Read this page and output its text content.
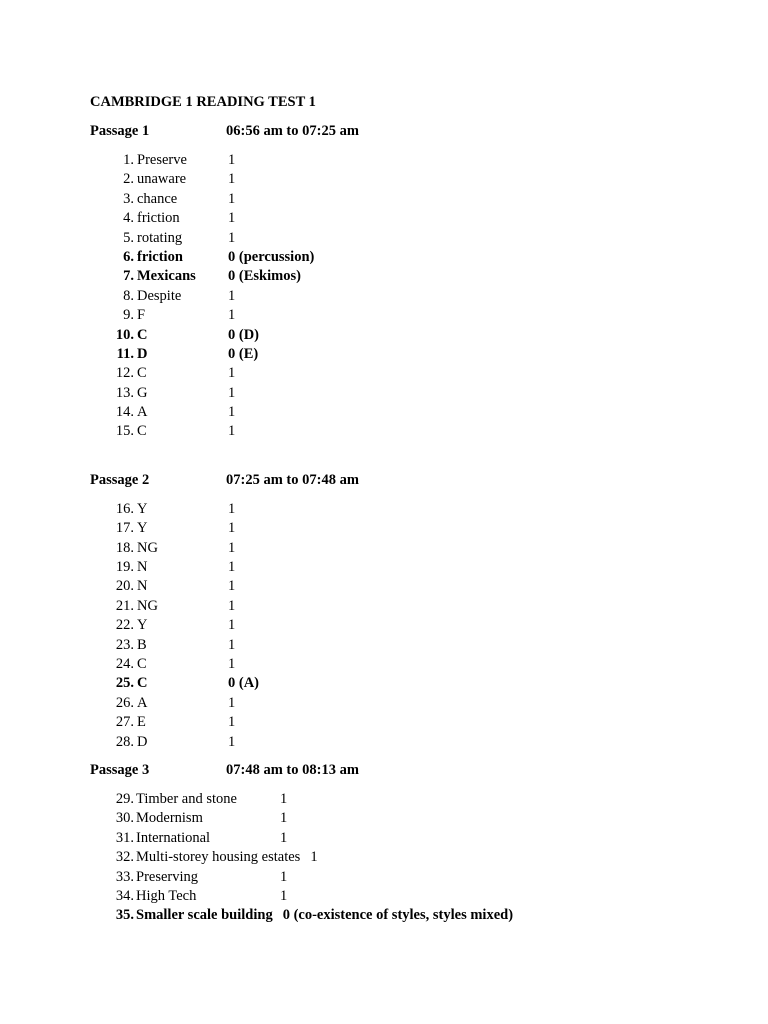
CAMBRIDGE 1 READING TEST 1
Passage 1	06:56 am to 07:25 am
1. Preserve	1
2. unaware	1
3. chance	1
4. friction	1
5. rotating	1
6. friction	0 (percussion)
7. Mexicans	0 (Eskimos)
8. Despite	1
9. F	1
10. C	0 (D)
11. D	0 (E)
12. C	1
13. G	1
14. A	1
15. C	1
Passage 2	07:25 am to 07:48 am
16. Y	1
17. Y	1
18. NG	1
19. N	1
20. N	1
21. NG	1
22. Y	1
23. B	1
24. C	1
25. C	0 (A)
26. A	1
27. E	1
28. D	1
Passage 3	07:48 am to 08:13 am
29. Timber and stone	1
30. Modernism	1
31. International	1
32. Multi-storey housing estates 1
33. Preserving	1
34. High Tech	1
35. Smaller scale building 0 (co-existence of styles, styles mixed)
